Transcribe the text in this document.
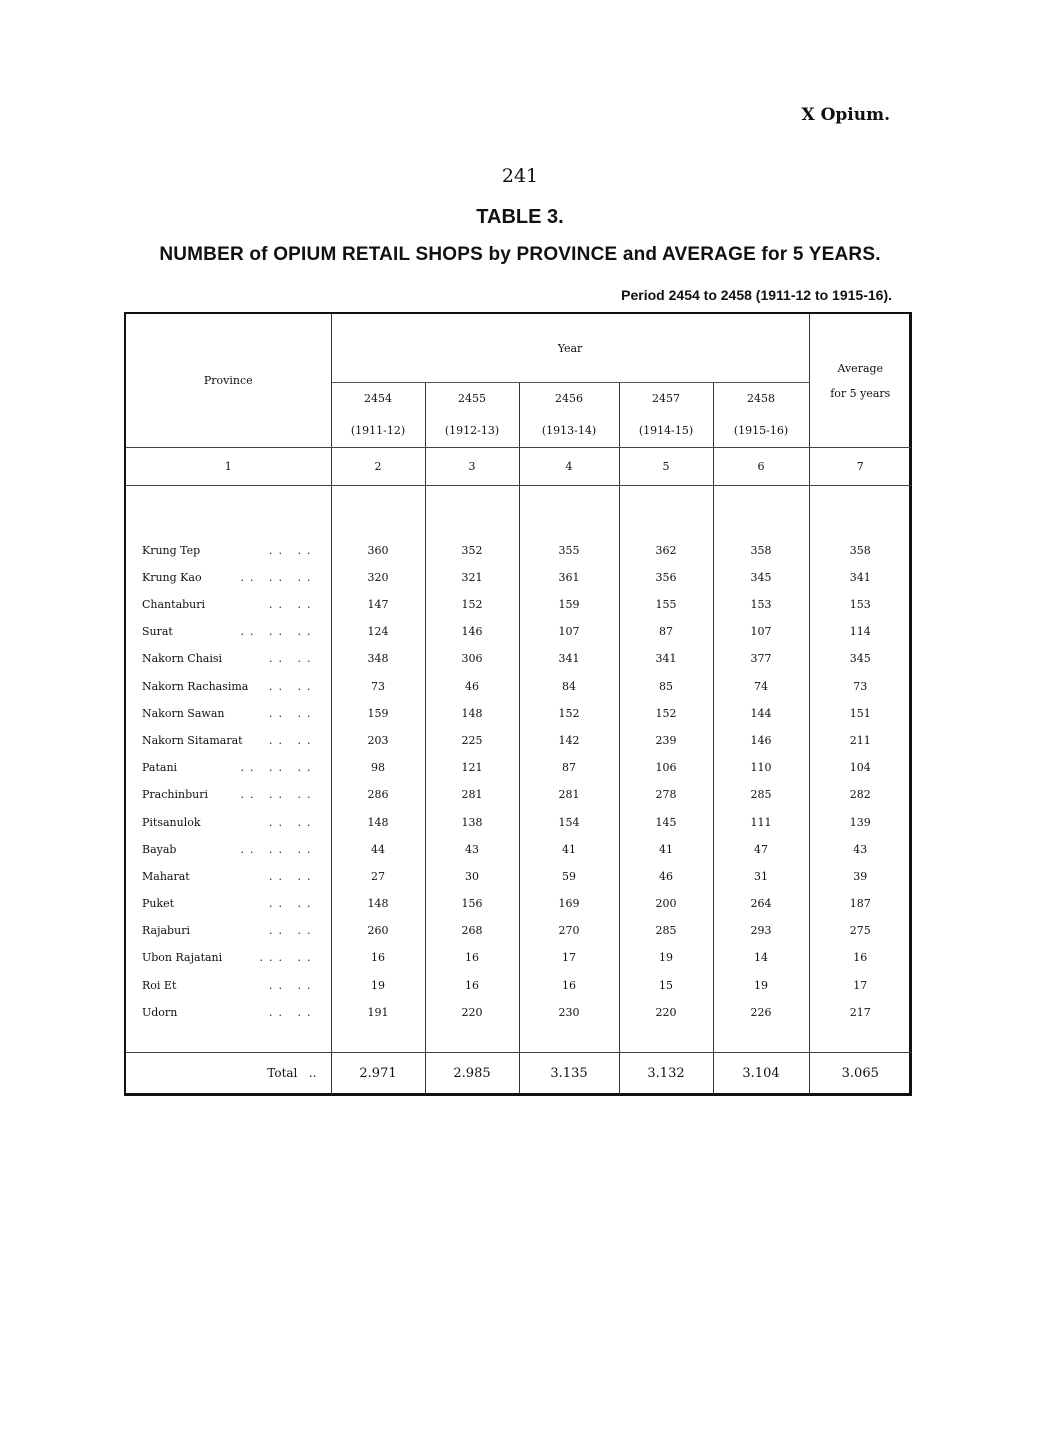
X Opium.
241
TABLE 3.
NUMBER of OPIUM RETAIL SHOPS by PROVINCE and AVERAGE for 5 YEARS.
Period 2454 to 2458 (1911-12 to 1915-16).
Province	Year					Average
for 5 years

	2454	2455	2456	2457	2458	
	(1911-12)	(1912-13)	(1913-14)	(1914-15)	(1915-16)	
1	2	3	4	5	6	7

Krung Tep .. ..	360	352	355	362	358	358
Krung Kao .. .. ..	320	321	361	356	345	341
Chantaburi .. ..	147	152	159	155	153	153
Surat .. .. ..	124	146	107	87	107	114
Nakorn Chaisi .. ..	348	306	341	341	377	345
Nakorn Rachasima .. ..	73	46	84	85	74	73
Nakorn Sawan .. ..	159	148	152	152	144	151
Nakorn Sitamarat .. ..	203	225	142	239	146	211
Patani .. .. ..	98	121	87	106	110	104
Prachinburi .. .. ..	286	281	281	278	285	282
Pitsanulok .. ..	148	138	154	145	111	139
Bayab .. .. ..	44	43	41	41	47	43
Maharat .. ..	27	30	59	46	31	39
Puket .. ..	148	156	169	200	264	187
Rajaburi .. ..	260	268	270	285	293	275
Ubon Rajatani ... ..	16	16	17	19	14	16
Roi Et .. ..	19	16	16	15	19	17
Udorn .. ..	191	220	230	220	226	217

Total ..	2.971	2.985	3.135	3.132	3.104	3.065
